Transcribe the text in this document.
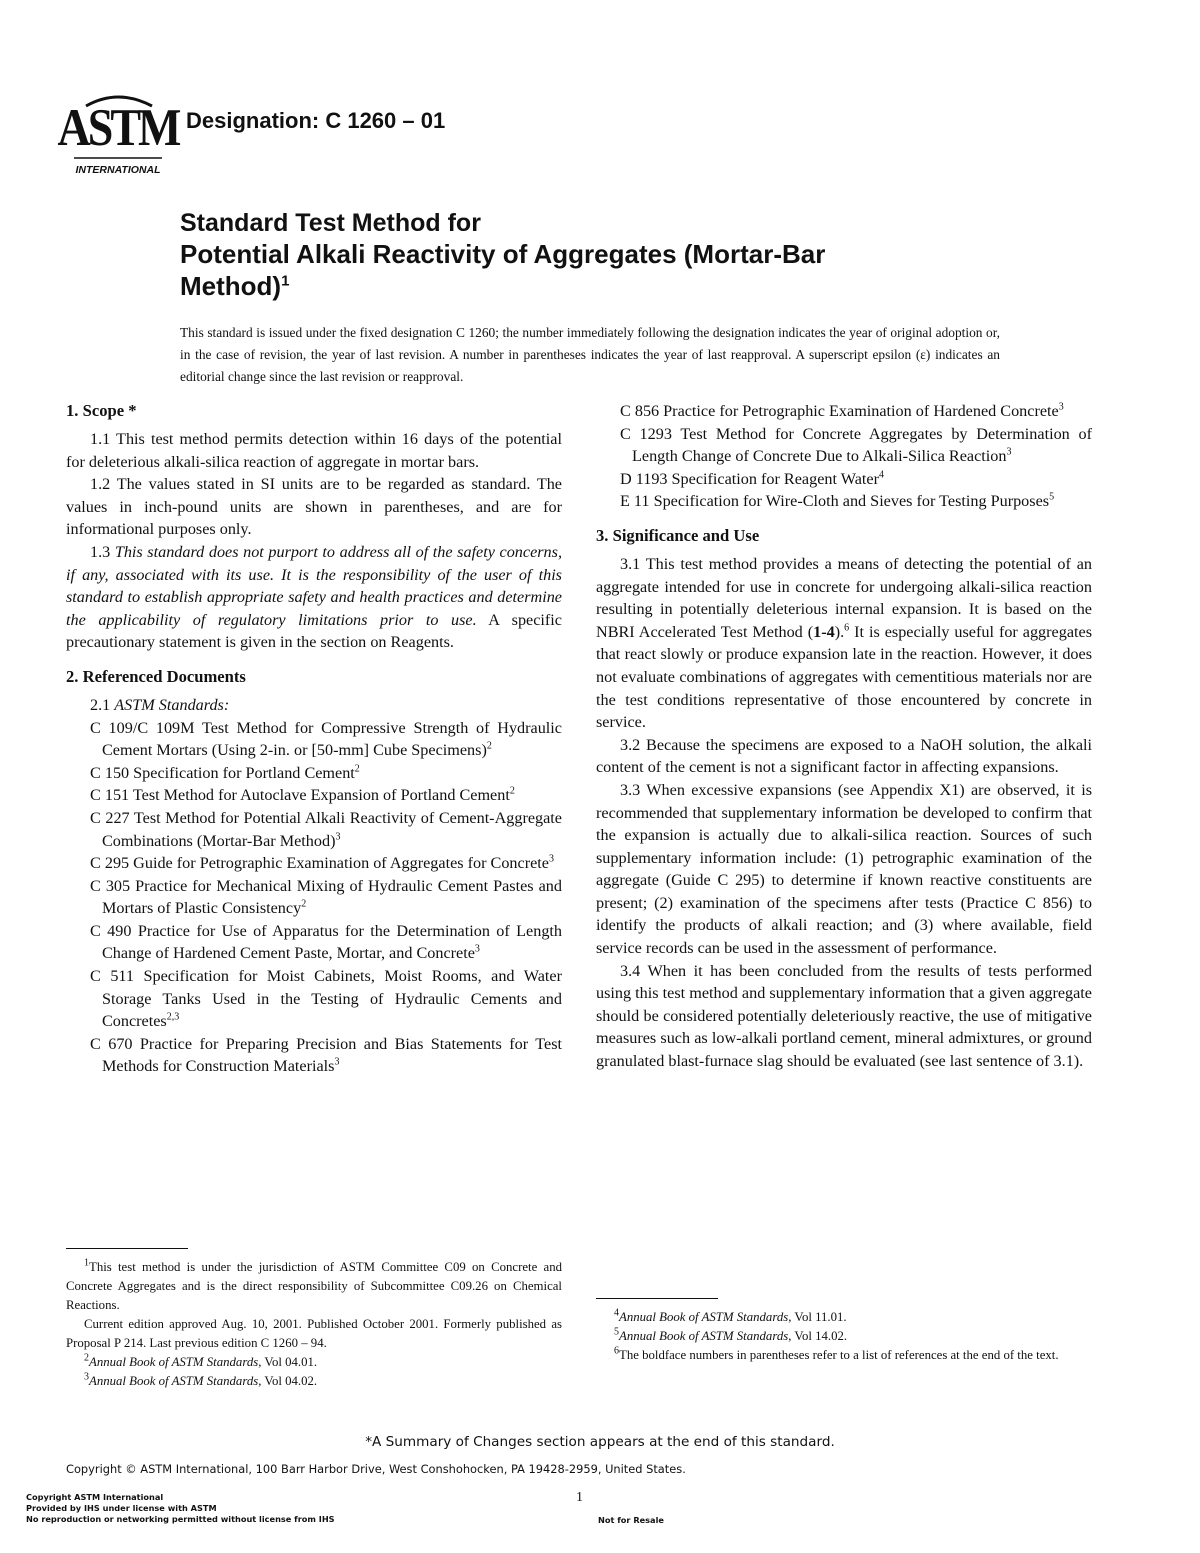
ASTM
INTERNATIONAL
Designation: C 1260 – 01
Standard Test Method for
Potential Alkali Reactivity of Aggregates (Mortar-Bar
Method)$^1$
This standard is issued under the fixed designation C 1260; the number immediately following the designation indicates the year of original adoption or, in the case of revision, the year of last revision. A number in parentheses indicates the year of last reapproval. A superscript epsilon (ε) indicates an editorial change since the last revision or reapproval.
1. Scope *

1.1 This test method permits detection within 16 days of the potential for deleterious alkali-silica reaction of aggregate in mortar bars.

1.2 The values stated in SI units are to be regarded as standard. The values in inch-pound units are shown in parentheses, and are for informational purposes only.

1.3 This standard does not purport to address all of the safety concerns, if any, associated with its use. It is the responsibility of the user of this standard to establish appropriate safety and health practices and determine the applicability of regulatory limitations prior to use. A specific precautionary statement is given in the section on Reagents.

2. Referenced Documents

2.1 ASTM Standards:

C 109/C 109M Test Method for Compressive Strength of Hydraulic Cement Mortars (Using 2-in. or [50-mm] Cube Specimens)$^2$

C 150 Specification for Portland Cement$^2$

C 151 Test Method for Autoclave Expansion of Portland Cement$^2$

C 227 Test Method for Potential Alkali Reactivity of Cement-Aggregate Combinations (Mortar-Bar Method)$^3$

C 295 Guide for Petrographic Examination of Aggregates for Concrete$^3$

C 305 Practice for Mechanical Mixing of Hydraulic Cement Pastes and Mortars of Plastic Consistency$^2$

C 490 Practice for Use of Apparatus for the Determination of Length Change of Hardened Cement Paste, Mortar, and Concrete$^3$

C 511 Specification for Moist Cabinets, Moist Rooms, and Water Storage Tanks Used in the Testing of Hydraulic Cements and Concretes$^{2,3}$

C 670 Practice for Preparing Precision and Bias Statements for Test Methods for Construction Materials$^3$

C 856 Practice for Petrographic Examination of Hardened Concrete$^3$

C 1293 Test Method for Concrete Aggregates by Determination of Length Change of Concrete Due to Alkali-Silica Reaction$^3$

D 1193 Specification for Reagent Water$^4$

E 11 Specification for Wire-Cloth and Sieves for Testing Purposes$^5$

3. Significance and Use

3.1 This test method provides a means of detecting the potential of an aggregate intended for use in concrete for undergoing alkali-silica reaction resulting in potentially deleterious internal expansion. It is based on the NBRI Accelerated Test Method (1-4).$^6$ It is especially useful for aggregates that react slowly or produce expansion late in the reaction. However, it does not evaluate combinations of aggregates with cementitious materials nor are the test conditions representative of those encountered by concrete in service.

3.2 Because the specimens are exposed to a NaOH solution, the alkali content of the cement is not a significant factor in affecting expansions.

3.3 When excessive expansions (see Appendix X1) are observed, it is recommended that supplementary information be developed to confirm that the expansion is actually due to alkali-silica reaction. Sources of such supplementary information include: (1) petrographic examination of the aggregate (Guide C 295) to determine if known reactive constituents are present; (2) examination of the specimens after tests (Practice C 856) to identify the products of alkali reaction; and (3) where available, field service records can be used in the assessment of performance.

3.4 When it has been concluded from the results of tests performed using this test method and supplementary information that a given aggregate should be considered potentially deleteriously reactive, the use of mitigative measures such as low-alkali portland cement, mineral admixtures, or ground granulated blast-furnace slag should be evaluated (see last sentence of 3.1).

$^1$This test method is under the jurisdiction of ASTM Committee C09 on Concrete and Concrete Aggregates and is the direct responsibility of Subcommittee C09.26 on Chemical Reactions.

Current edition approved Aug. 10, 2001. Published October 2001. Formerly published as Proposal P 214. Last previous edition C 1260 – 94.

$^2$Annual Book of ASTM Standards, Vol 04.01.

$^3$Annual Book of ASTM Standards, Vol 04.02.

$^4$Annual Book of ASTM Standards, Vol 11.01.

$^5$Annual Book of ASTM Standards, Vol 14.02.

$^6$The boldface numbers in parentheses refer to a list of references at the end of the text.

*A Summary of Changes section appears at the end of this standard.
Copyright © ASTM International, 100 Barr Harbor Drive, West Conshohocken, PA 19428-2959, United States.
1
Copyright ASTM International
Provided by IHS under license with ASTM
No reproduction or networking permitted without license from IHS	Not for Resale
